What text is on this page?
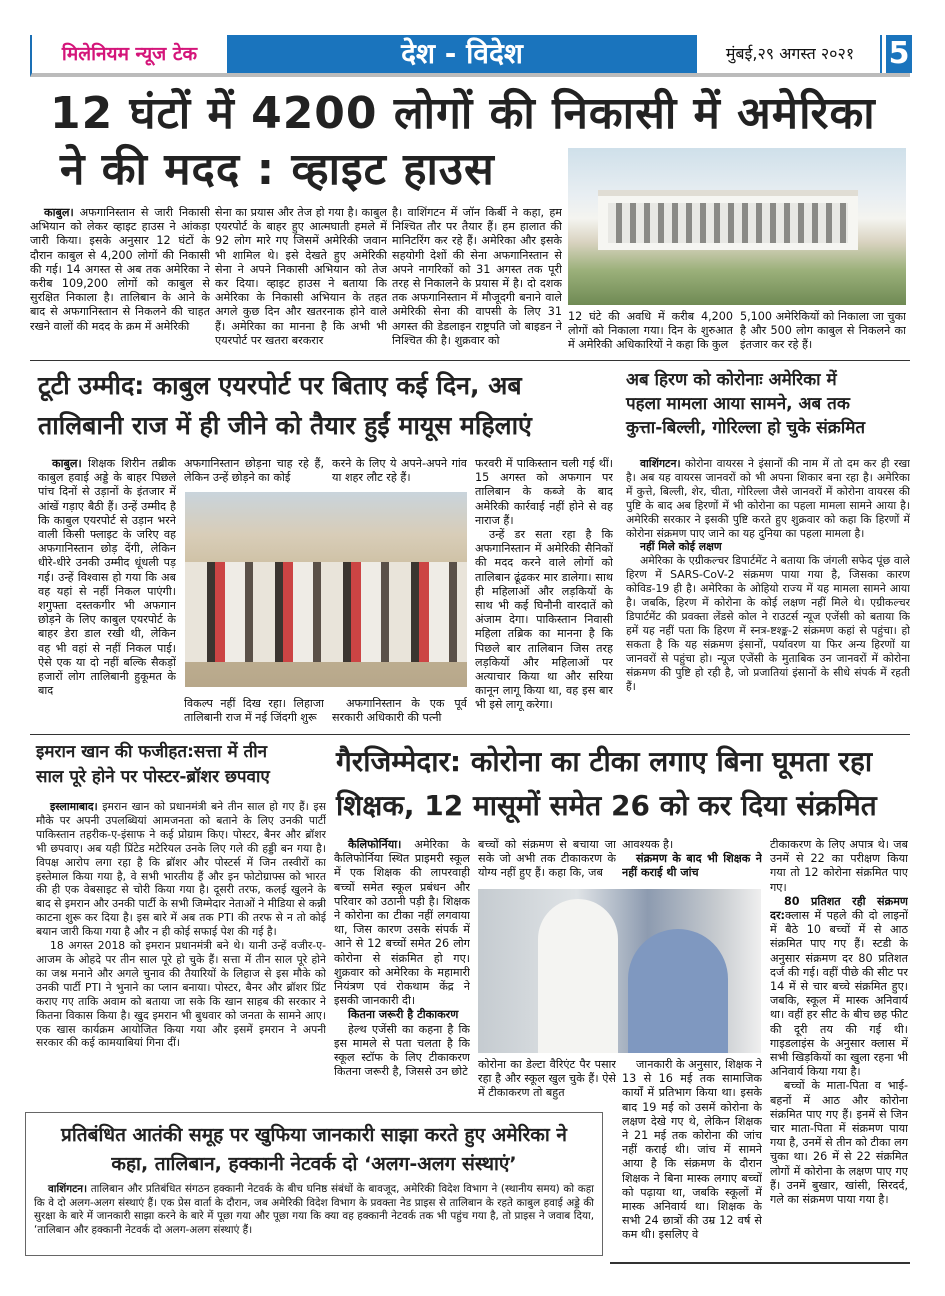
मिलेनियम न्यूज टेक	देश - विदेश	मुंबई,२९ अगस्त २०२१	5
12 घंटों में 4200 लोगों की निकासी में अमेरिका
ने की मदद : व्हाइट हाउस

काबुल। अफगानिस्तान से जारी निकासी अभियान को लेकर व्हाइट हाउस ने आंकड़ा जारी किया। इसके अनुसार 12 घंटों के दौरान काबुल से 4,200 लोगों की निकासी की गई। 14 अगस्त से अब तक अमेरिका ने करीब 109,200 लोगों को काबुल से सुरक्षित निकाला है। तालिबान के आने के बाद से अफगानिस्तान से निकलने की चाहत रखने वालों की मदद के क्रम में अमेरिकी

सेना का प्रयास और तेज हो गया है। काबुल एयरपोर्ट के बाहर हुए आत्मघाती हमले में 92 लोग मारे गए जिसमें अमेरिकी जवान भी शामिल थे। इसे देखते हुए अमेरिकी सेना ने अपने निकासी अभियान को तेज कर दिया। व्हाइट हाउस ने बताया कि अमेरिका के निकासी अभियान के तहत अगले कुछ दिन और खतरनाक होने वाले हैं। अमेरिका का मानना है कि अभी भी एयरपोर्ट पर खतरा बरकरार
है। वाशिंगटन में जॉन किर्बी ने कहा, हम निश्चित तौर पर तैयार हैं। हम हालात की मानिटरिंग कर रहे हैं। अमेरिका और इसके सहयोगी देशों की सेना अफगानिस्तान से अपने नागरिकों को 31 अगस्त तक पूरी तरह से निकालने के प्रयास में है। दो दशक तक अफगानिस्तान में मौजूदगी बनाने वाले अमेरिकी सेना की वापसी के लिए 31 अगस्त की डेडलाइन राष्ट्रपति जो बाइडन ने निश्चित की है। शुक्रवार को
12 घंटे की अवधि में करीब 4,200 लोगों को निकाला गया। दिन के शुरुआत में अमेरिकी अधिकारियों ने कहा कि कुल
5,100 अमेरिकियों को निकाला जा चुका है और 500 लोग काबुल से निकलने का इंतजार कर रहे हैं।
टूटी उम्मीद: काबुल एयरपोर्ट पर बिताए कई दिन, अब
तालिबानी राज में ही जीने को तैयार हुईं मायूस महिलाएं

काबुल। शिक्षक शिरीन तब्रीक काबुल हवाई अड्डे के बाहर पिछले पांच दिनों से उड़ानों के इंतजार में आंखें गड़ाए बैठी हैं। उन्हें उम्मीद है कि काबुल एयरपोर्ट से उड़ान भरने वाली किसी फ्लाइट के जरिए वह अफगानिस्तान छोड़ देंगी, लेकिन धीरे-धीरे उनकी उम्मीद धूंधली पड़ गई। उन्हें विश्वास हो गया कि अब वह यहां से नहीं निकल पाएंगी। शगुफ्ता दस्तकगीर भी अफगान छोड़ने के लिए काबुल एयरपोर्ट के बाहर डेरा डाल रखी थी, लेकिन वह भी वहां से नहीं निकल पाई। ऐसे एक या दो नहीं बल्कि सैकड़ों हजारों लोग तालिबानी हुकूमत के बाद

अफगानिस्तान छोड़ना चाह रहे हैं, लेकिन उन्हें छोड़ने का कोई
करने के लिए ये अपने-अपने गांव या शहर लौट रहे हैं।
विकल्प नहीं दिख रहा। लिहाजा तालिबानी राज में नई जिंदगी शुरू

अफगानिस्तान के एक पूर्व सरकारी अधिकारी की पत्नी

फरवरी में पाकिस्तान चली गई थीं। 15 अगस्त को अफगान पर तालिबान के कब्जे के बाद अमेरिकी कार्रवाई नहीं होने से वह नाराज हैं।

उन्हें डर सता रहा है कि अफगानिस्तान में अमेरिकी सैनिकों की मदद करने वाले लोगों को तालिबान ढूंढकर मार डालेगा। साथ ही महिलाओं और लड़कियों के साथ भी कई घिनौनी वारदातें को अंजाम देगा। पाकिस्तान निवासी महिला तब्रिक का मानना है कि पिछले बार तालिबान जिस तरह लड़कियों और महिलाओं पर अत्याचार किया था और सरिया कानून लागू किया था, वह इस बार भी इसे लागू करेगा।

अब हिरण को कोरोनाः अमेरिका में
पहला मामला आया सामने, अब तक
कुत्ता-बिल्ली, गोरिल्ला हो चुके संक्रमित

वाशिंगटन। कोरोना वायरस ने इंसानों की नाम में तो दम कर ही रखा है। अब यह वायरस जानवरों को भी अपना शिकार बना रहा है। अमेरिका में कुत्ते, बिल्ली, शेर, चीता, गोरिल्ला जैसे जानवरों में कोरोना वायरस की पुष्टि के बाद अब हिरणों में भी कोरोना का पहला मामला सामने आया है। अमेरिकी सरकार ने इसकी पुष्टि करते हुए शुक्रवार को कहा कि हिरणों में कोरोना संक्रमण पाए जाने का यह दुनिया का पहला मामला है।

नहीं मिले कोई लक्षण

अमेरिका के एग्रीकल्चर डिपार्टमेंट ने बताया कि जंगली सफेद पूंछ वाले हिरण में SARS-CoV-2 संक्रमण पाया गया है, जिसका कारण कोविड-19 ही है। अमेरिका के ओहियो राज्य में यह मामला सामने आया है। जबकि, हिरण में कोरोना के कोई लक्षण नहीं मिले थे। एग्रीकल्चर डिपार्टमेंट की प्रवक्ता लेंडसे कोल ने राउटर्स न्यूज एजेंसी को बताया कि हमें यह नहीं पता कि हिरण में स्नत्र-ष्टश्ङ्क-2 संक्रमण कहां से पहुंचा। हो सकता है कि यह संक्रमण इंसानों, पर्यावरण या फिर अन्य हिरणों या जानवरों से पहुंचा हो। न्यूज एजेंसी के मुताबिक उन जानवरों में कोरोना संक्रमण की पुष्टि हो रही है, जो प्रजातियां इंसानों के सीधे संपर्क में रहती हैं।

इमरान खान की फजीहत:सत्ता में तीन
साल पूरे होने पर पोस्टर-ब्रॉशर छपवाए

इस्लामाबाद। इमरान खान को प्रधानमंत्री बने तीन साल हो गए हैं। इस मौके पर अपनी उपलब्धियां आमजनता को बताने के लिए उनकी पार्टी पाकिस्तान तहरीक-ए-इंसाफ ने कई प्रोग्राम किए। पोस्टर, बैनर और ब्रॉशर भी छपवाए। अब यही प्रिंटेड मटेरियल उनके लिए गले की हड्डी बन गया है। विपक्ष आरोप लगा रहा है कि ब्रॉशर और पोस्टर्स में जिन तस्वीरों का इस्तेमाल किया गया है, वे सभी भारतीय हैं और इन फोटोग्राफ्स को भारत की ही एक वेबसाइट से चोरी किया गया है। दूसरी तरफ, कलई खुलने के बाद से इमरान और उनकी पार्टी के सभी जिम्मेदार नेताओं ने मीडिया से कन्नी काटना शुरू कर दिया है। इस बारे में अब तक PTI की तरफ से न तो कोई बयान जारी किया गया है और न ही कोई सफाई पेश की गई है।

18 अगस्त 2018 को इमरान प्रधानमंत्री बने थे। यानी उन्हें वजीर-ए-आजम के ओहदे पर तीन साल पूरे हो चुके हैं। सत्ता में तीन साल पूरे होने का जश्न मनाने और अगले चुनाव की तैयारियों के लिहाज से इस मौके को उनकी पार्टी PTI ने भुनाने का प्लान बनाया। पोस्टर, बैनर और ब्रॉशर प्रिंट कराए गए ताकि अवाम को बताया जा सके कि खान साहब की सरकार ने कितना विकास किया है। खुद इमरान भी बुधवार को जनता के सामने आए। एक खास कार्यक्रम आयोजित किया गया और इसमें इमरान ने अपनी सरकार की कई कामयाबियां गिना दीं।

गैरजिम्मेदार: कोरोना का टीका लगाए बिना घूमता रहा
शिक्षक, 12 मासूमों समेत 26 को कर दिया संक्रमित

कैलिफोर्निया। अमेरिका के कैलिफोर्निया स्थित प्राइमरी स्कूल में एक शिक्षक की लापरवाही बच्चों समेत स्कूल प्रबंधन और परिवार को उठानी पड़ी है। शिक्षक ने कोरोना का टीका नहीं लगवाया था, जिस कारण उसके संपर्क में आने से 12 बच्चों समेत 26 लोग कोरोना से संक्रमित हो गए। शुक्रवार को अमेरिका के महामारी नियंत्रण एवं रोकथाम केंद्र ने इसकी जानकारी दी।

कितना जरूरी है टीकाकरण

हेल्थ एजेंसी का कहना है कि इस मामले से पता चलता है कि स्कूल स्टॉफ के लिए टीकाकरण कितना जरूरी है, जिससे उन छोटे

बच्चों को संक्रमण से बचाया जा सके जो अभी तक टीकाकरण के योग्य नहीं हुए हैं। कहा कि, जब
आवश्यक है।
संक्रमण के बाद भी शिक्षक ने नहीं कराई थी जांच
कोरोना का डेल्टा वैरिएंट पैर पसार रहा है और स्कूल खुल चुके हैं। ऐसे में टीकाकरण तो बहुत

जानकारी के अनुसार, शिक्षक ने 13 से 16 मई तक सामाजिक कार्यों में प्रतिभाग किया था। इसके बाद 19 मई को उसमें कोरोना के लक्षण देखे गए थे, लेकिन शिक्षक ने 21 मई तक कोरोना की जांच नहीं कराई थी। जांच में सामने आया है कि संक्रमण के दौरान शिक्षक ने बिना मास्क लगाए बच्चों को पढ़ाया था, जबकि स्कूलों में मास्क अनिवार्य था। शिक्षक के सभी 24 छात्रों की उम्र 12 वर्ष से कम थी। इसलिए वे

टीकाकरण के लिए अपात्र थे। जब उनमें से 22 का परीक्षण किया गया तो 12 कोरोना संक्रमित पाए गए।

80 प्रतिशत रही संक्रमण दर:क्लास में पहले की दो लाइनों में बैठे 10 बच्चों में से आठ संक्रमित पाए गए हैं। स्टडी के अनुसार संक्रमण दर 80 प्रतिशत दर्ज की गई। वहीं पीछे की सीट पर 14 में से चार बच्चे संक्रमित हुए। जबकि, स्कूल में मास्क अनिवार्य था। वहीं हर सीट के बीच छह फीट की दूरी तय की गई थी। गाइडलाइंस के अनुसार क्लास में सभी खिड़कियों का खुला रहना भी अनिवार्य किया गया है।

बच्चों के माता-पिता व भाई-बहनों में आठ और कोरोना संक्रमित पाए गए हैं। इनमें से जिन चार माता-पिता में संक्रमण पाया गया है, उनमें से तीन को टीका लग चुका था। 26 में से 22 संक्रमित लोगों में कोरोना के लक्षण पाए गए हैं। उनमें बुखार, खांसी, सिरदर्द, गले का संक्रमण पाया गया है।

प्रतिबंधित आतंकी समूह पर खुफिया जानकारी साझा करते हुए अमेरिका ने
कहा, तालिबान, हक्कानी नेटवर्क दो ‘अलग-अलग संस्थाएं’

वाशिंगटन। तालिबान और प्रतिबंधित संगठन हक्कानी नेटवर्क के बीच घनिष्ठ संबंधों के बावजूद, अमेरिकी विदेश विभाग ने (स्थानीय समय) को कहा कि वे दो अलग-अलग संस्थाएं हैं। एक प्रेस वार्ता के दौरान, जब अमेरिकी विदेश विभाग के प्रवक्ता नेड प्राइस से तालिबान के रहते काबुल हवाई अड्डे की सुरक्षा के बारे में जानकारी साझा करने के बारे में पूछा गया और पूछा गया कि क्या वह हक्कानी नेटवर्क तक भी पहुंच गया है, तो प्राइस ने जवाब दिया, ‘तालिबान और हक्कानी नेटवर्क दो अलग-अलग संस्थाएं हैं।
